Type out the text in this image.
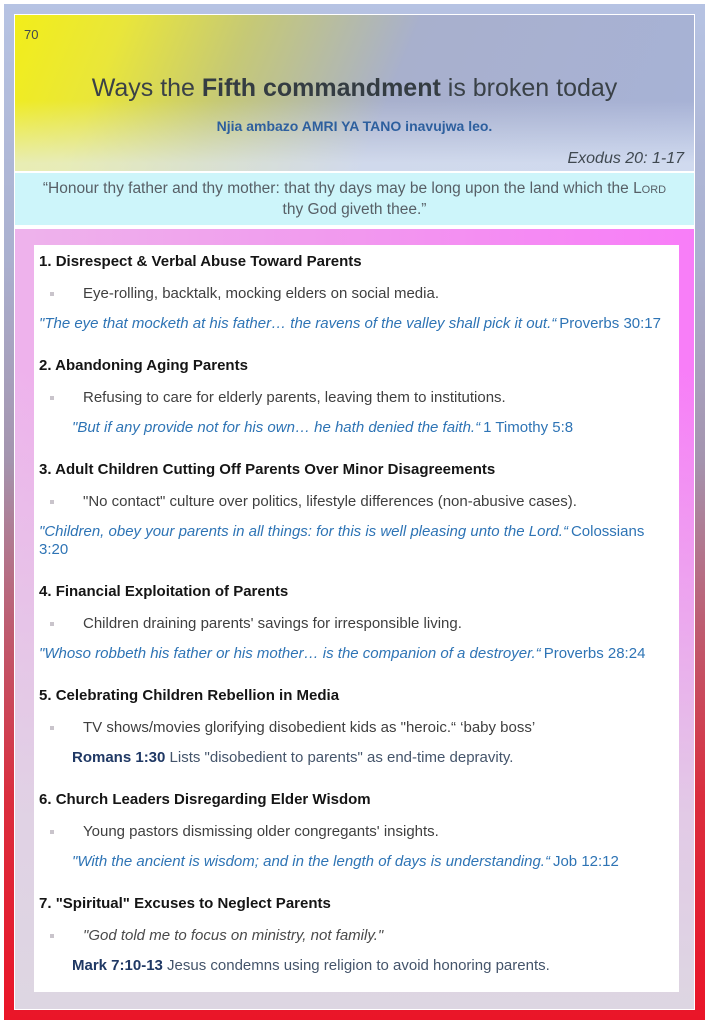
70
Ways the Fifth commandment is broken today
Njia ambazo AMRI YA TANO inavujwa leo.
Exodus 20: 1-17
“Honour thy father and thy mother: that thy days may be long upon the land which the Lord thy God giveth thee.”
1. Disrespect & Verbal Abuse Toward Parents
Eye-rolling, backtalk, mocking elders on social media.
"The eye that mocketh at his father… the ravens of the valley shall pick it out.“ Proverbs 30:17
2. Abandoning Aging Parents
Refusing to care for elderly parents, leaving them to institutions.
"But if any provide not for his own… he hath denied the faith.“ 1 Timothy 5:8
3. Adult Children Cutting Off Parents Over Minor Disagreements
"No contact" culture over politics, lifestyle differences (non-abusive cases).
"Children, obey your parents in all things: for this is well pleasing unto the Lord.“ Colossians 3:20
4. Financial Exploitation of Parents
Children draining parents' savings for irresponsible living.
"Whoso robbeth his father or his mother… is the companion of a destroyer.“ Proverbs 28:24
5. Celebrating Children Rebellion in Media
TV shows/movies glorifying disobedient kids as "heroic.“ ‘baby boss’
Romans 1:30 Lists "disobedient to parents" as end-time depravity.
6. Church Leaders Disregarding Elder Wisdom
Young pastors dismissing older congregants' insights.
"With the ancient is wisdom; and in the length of days is understanding.“ Job 12:12
7. "Spiritual" Excuses to Neglect Parents
"God told me to focus on ministry, not family."
Mark 7:10-13 Jesus condemns using religion to avoid honoring parents.
